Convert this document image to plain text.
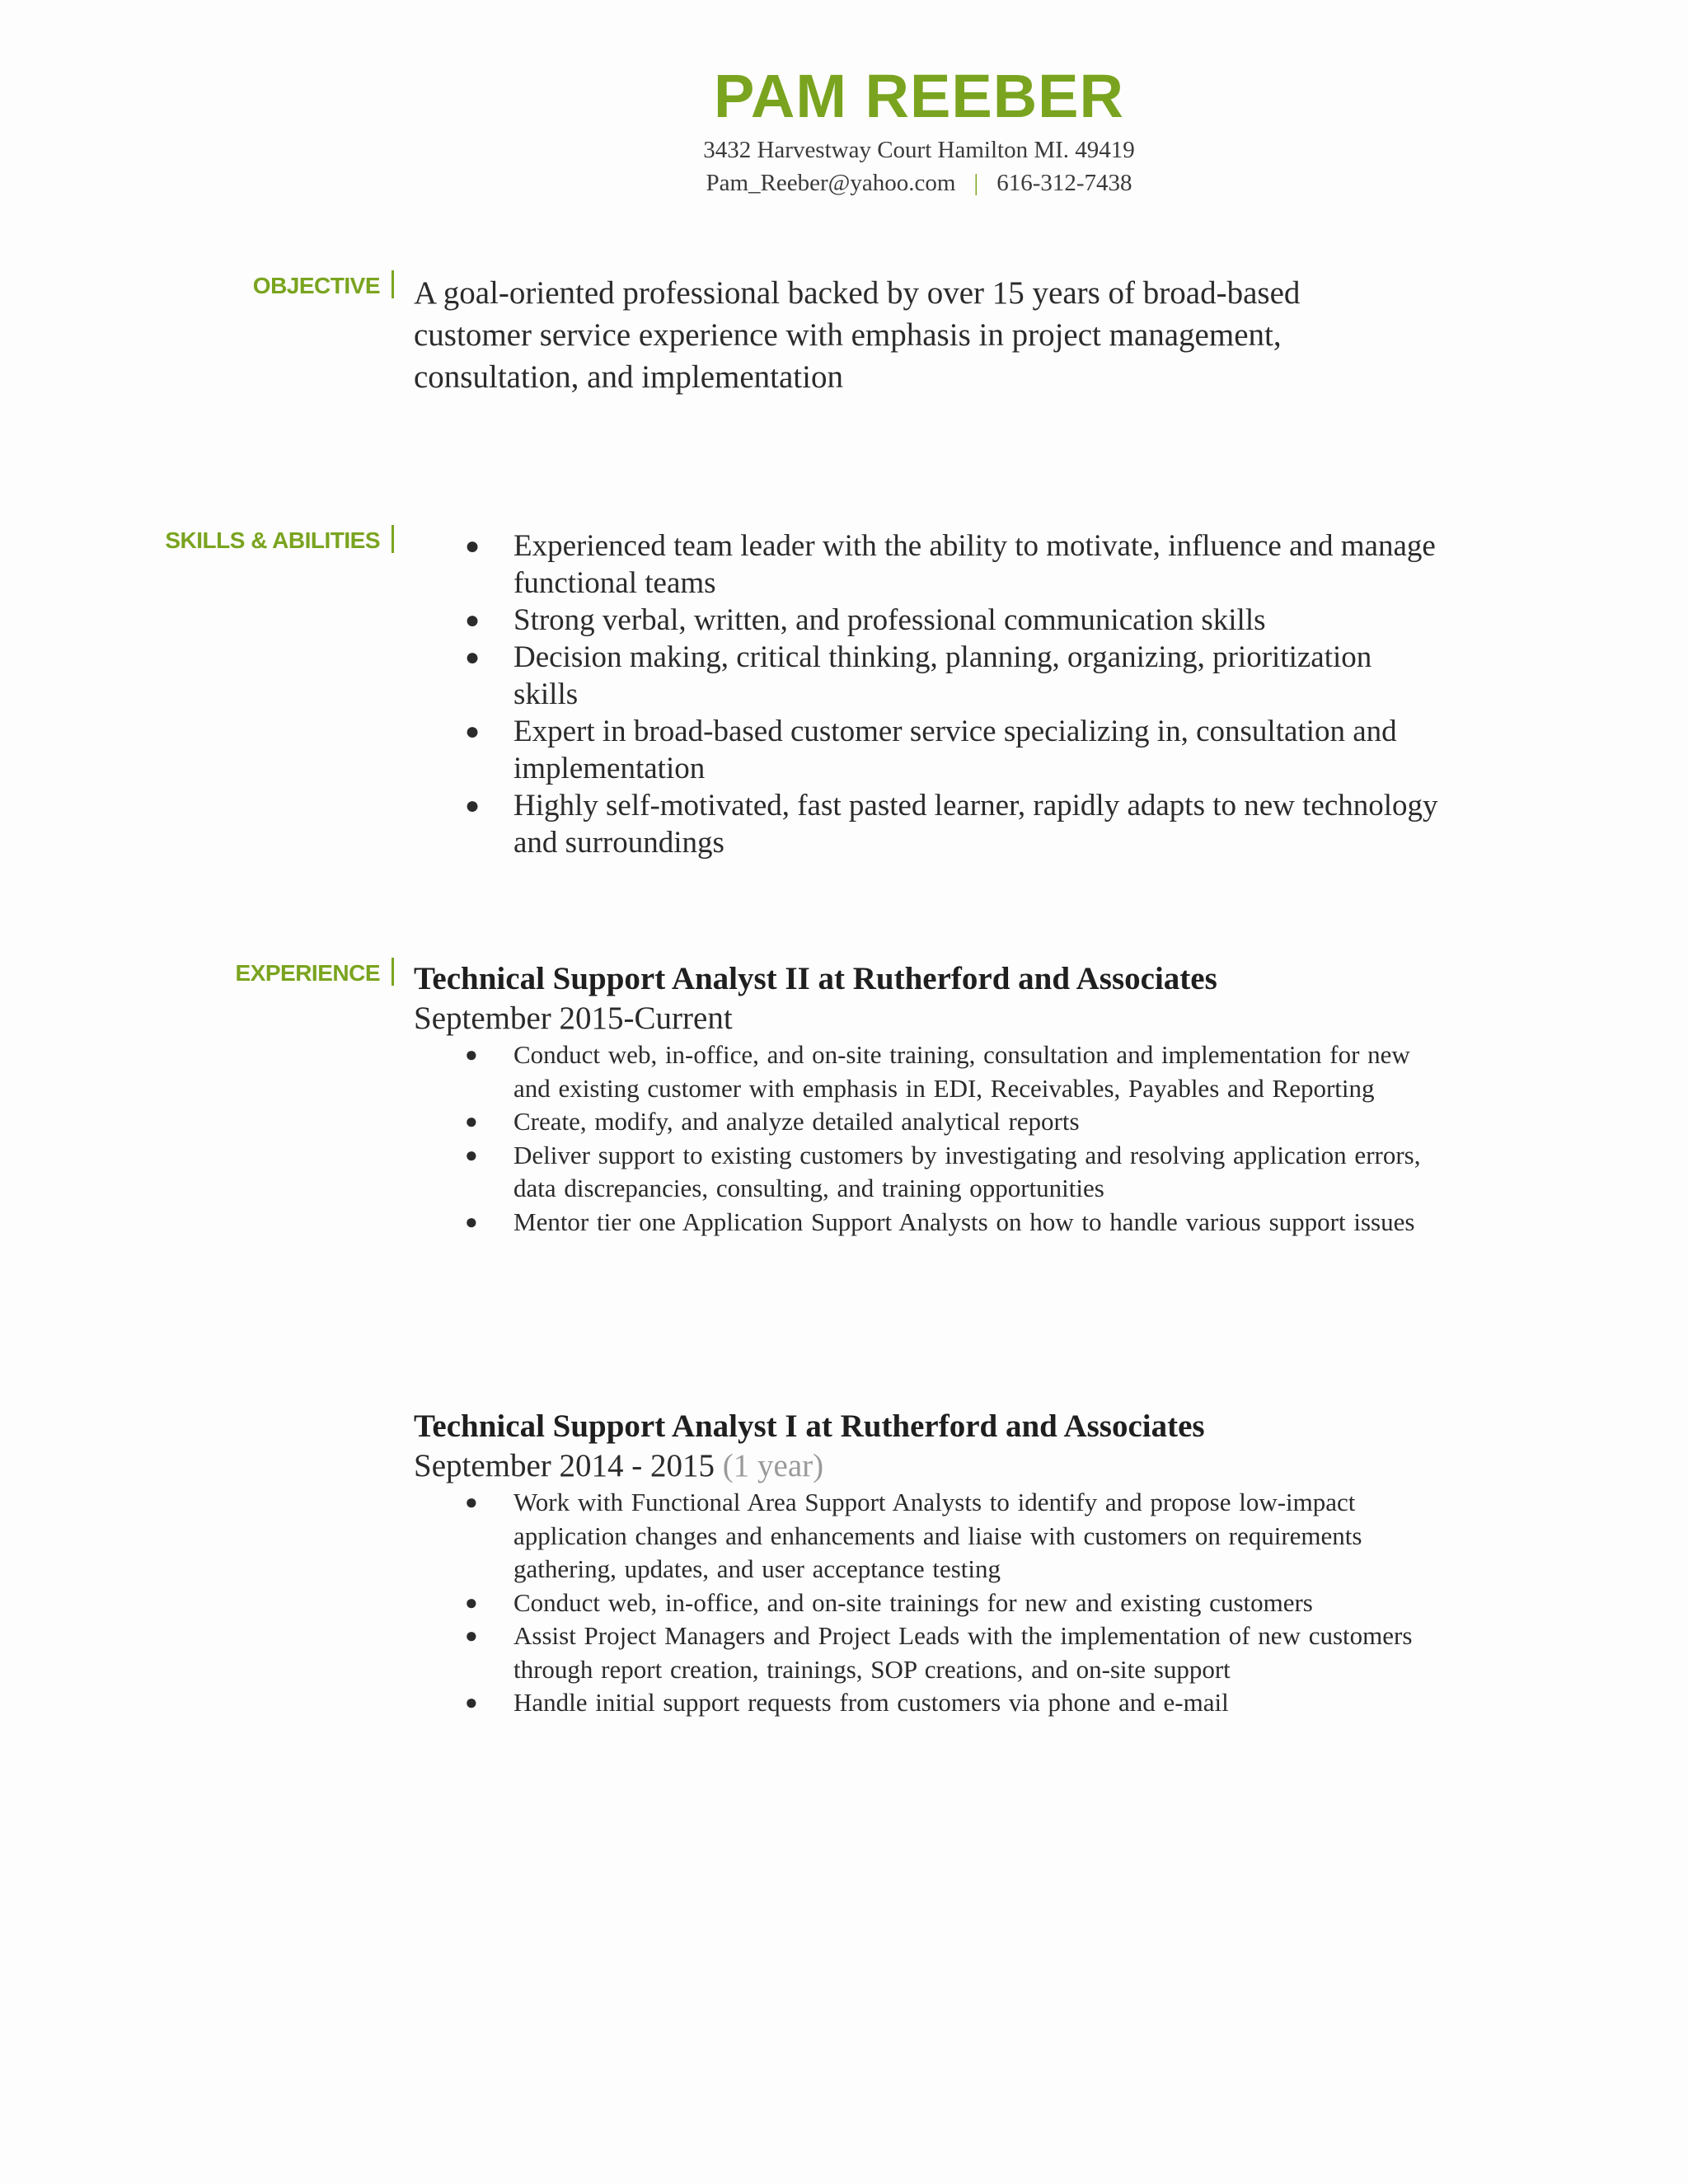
PAM REEBER
3432 Harvestway Court Hamilton MI. 49419
Pam_Reeber@yahoo.com | 616-312-7438
OBJECTIVE	A goal-oriented professional backed by over 15 years of broad-based customer service experience with emphasis in project management, consultation, and implementation
SKILLS & ABILITIES	● Experienced team leader with the ability to motivate, influence and manage functional teams
● Strong verbal, written, and professional communication skills
● Decision making, critical thinking, planning, organizing, prioritization skills
● Expert in broad-based customer service specializing in, consultation and implementation
● Highly self-motivated, fast pasted learner, rapidly adapts to new technology and surroundings
EXPERIENCE	Technical Support Analyst II at Rutherford and Associates
September 2015-Current
● Conduct web, in-office, and on-site training, consultation and implementation for new and existing customer with emphasis in EDI, Receivables, Payables and Reporting
● Create, modify, and analyze detailed analytical reports
● Deliver support to existing customers by investigating and resolving application errors, data discrepancies, consulting, and training opportunities
● Mentor tier one Application Support Analysts on how to handle various support issues
Technical Support Analyst I at Rutherford and Associates
September 2014 - 2015 (1 year)
● Work with Functional Area Support Analysts to identify and propose low-impact application changes and enhancements and liaise with customers on requirements gathering, updates, and user acceptance testing
● Conduct web, in-office, and on-site trainings for new and existing customers
● Assist Project Managers and Project Leads with the implementation of new customers through report creation, trainings, SOP creations, and on-site support
● Handle initial support requests from customers via phone and e-mail
